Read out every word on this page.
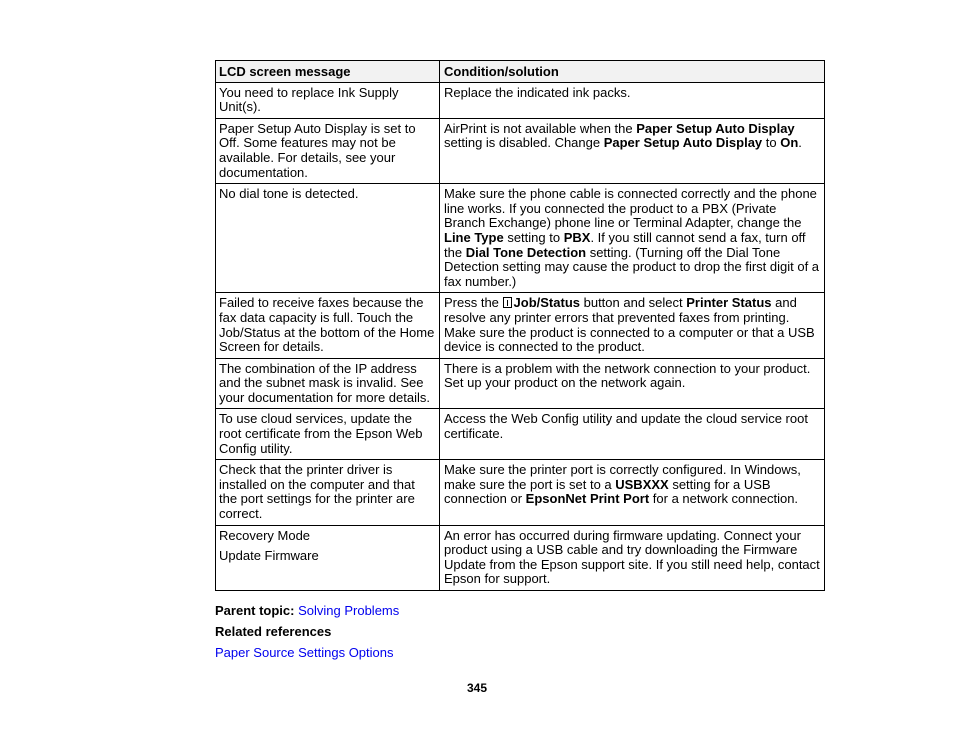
LCD screen message	Condition/solution

You need to replace Ink Supply Unit(s).	Replace the indicated ink packs.

Paper Setup Auto Display is set to Off. Some features may not be available. For details, see your documentation.	AirPrint is not available when the Paper Setup Auto Display setting is disabled. Change Paper Setup Auto Display to On.

No dial tone is detected.	Make sure the phone cable is connected correctly and the phone line works. If you connected the product to a PBX (Private Branch Exchange) phone line or Terminal Adapter, change the Line Type setting to PBX. If you still cannot send a fax, turn off the Dial Tone Detection setting. (Turning off the Dial Tone Detection setting may cause the product to drop the first digit of a fax number.)

Failed to receive faxes because the fax data capacity is full. Touch the Job/Status at the bottom of the Home Screen for details.	Press the Job/Status button and select Printer Status and resolve any printer errors that prevented faxes from printing. Make sure the product is connected to a computer or that a USB device is connected to the product.

The combination of the IP address and the subnet mask is invalid. See your documentation for more details.	There is a problem with the network connection to your product. Set up your product on the network again.

To use cloud services, update the root certificate from the Epson Web Config utility.	Access the Web Config utility and update the cloud service root certificate.

Check that the printer driver is installed on the computer and that the port settings for the printer are correct.	Make sure the printer port is correctly configured. In Windows, make sure the port is set to a USBXXX setting for a USB connection or EpsonNet Print Port for a network connection.

Recovery Mode

Update Firmware	An error has occurred during firmware updating. Connect your product using a USB cable and try downloading the Firmware Update from the Epson support site. If you still need help, contact Epson for support.
Parent topic: Solving Problems
Related references
Paper Source Settings Options
345
